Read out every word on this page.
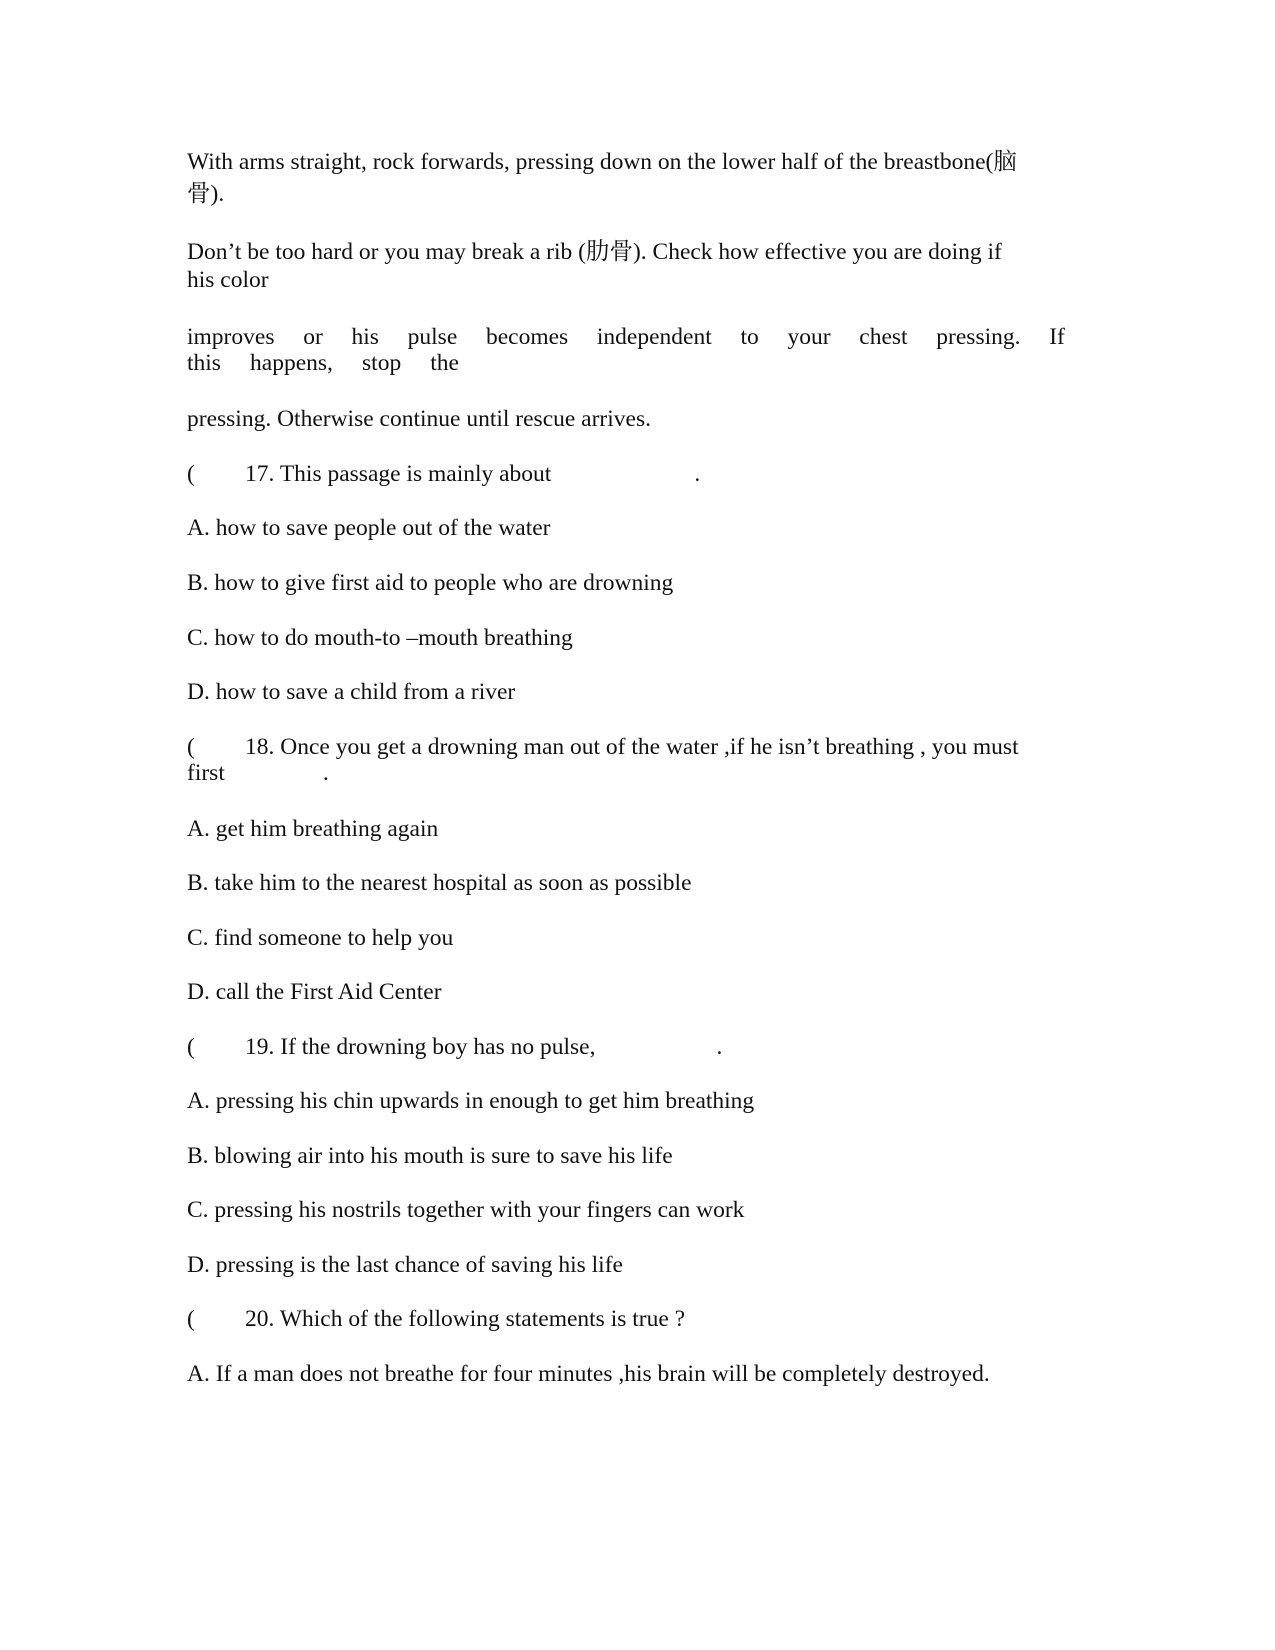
With arms straight, rock forwards, pressing down on the lower half of the breastbone(脑
骨).
Don’t be too hard or you may break a rib (肋骨). Check how effective you are doing if
his color
improves or his pulse becomes independent to your chest pressing. If
this happens, stop the
pressing. Otherwise continue until rescue arrives.
( 17. This passage is mainly about	.
A. how to save people out of the water
B. how to give first aid to people who are drowning
C. how to do mouth-to –mouth breathing
D. how to save a child from a river
( 18. Once you get a drowning man out of the water ,if he isn’t breathing , you must
first	.
A. get him breathing again
B. take him to the nearest hospital as soon as possible
C. find someone to help you
D. call the First Aid Center
( 19. If the drowning boy has no pulse,	.
A. pressing his chin upwards in enough to get him breathing
B. blowing air into his mouth is sure to save his life
C. pressing his nostrils together with your fingers can work
D. pressing is the last chance of saving his life
( 20. Which of the following statements is true ?
A. If a man does not breathe for four minutes ,his brain will be completely destroyed.
